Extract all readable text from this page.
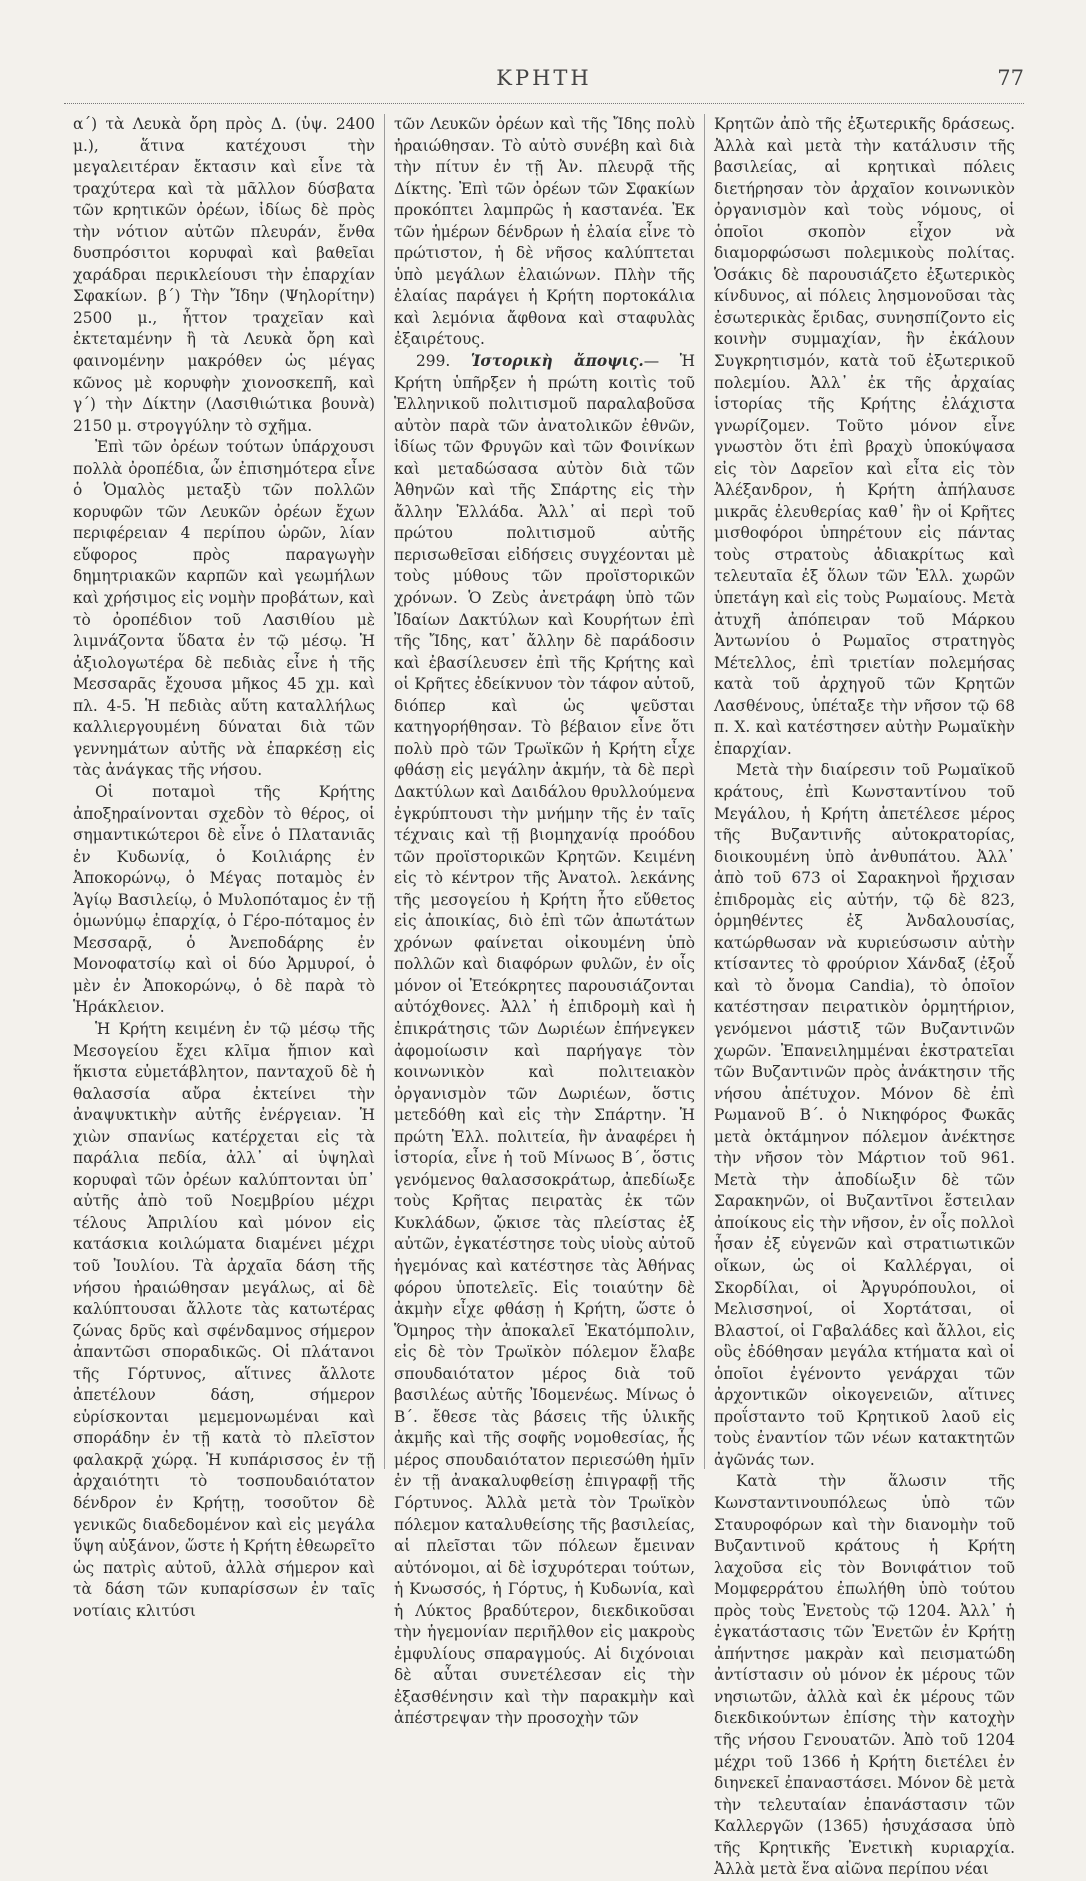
ΚΡΗΤΗ	77

α΄) τὰ Λευκὰ ὄρη πρὸς Δ. (ὑψ. 2400 μ.), ἅτινα κατέχουσι τὴν μεγαλειτέραν ἔκτασιν καὶ εἶνε τὰ τραχύτερα καὶ τὰ μᾶλλον δύσβατα τῶν κρητικῶν ὀρέων, ἰδίως δὲ πρὸς τὴν νότιον αὐτῶν πλευράν, ἔνθα δυσπρόσιτοι κορυφαὶ καὶ βαθεῖαι χαράδραι περικλείουσι τὴν ἐπαρχίαν Σφακίων. β΄) Τὴν Ἴδην (Ψηλορίτην) 2500 μ., ἧττον τραχεῖαν καὶ ἐκτεταμένην ἢ τὰ Λευκὰ ὄρη καὶ φαινομένην μακρόθεν ὡς μέγας κῶνος μὲ κορυφὴν χιονοσκεπῆ, καὶ γ΄) τὴν Δίκτην (Λασιθιώτικα βουνὰ) 2150 μ. στρογγύλην τὸ σχῆμα.

Ἐπὶ τῶν ὀρέων τούτων ὑπάρχουσι πολλὰ ὀροπέδια, ὧν ἐπισημότερα εἶνε ὁ Ὁμαλὸς μεταξὺ τῶν πολλῶν κορυφῶν τῶν Λευκῶν ὀρέων ἔχων περιφέρειαν 4 περίπου ὡρῶν, λίαν εὔφορος πρὸς παραγωγὴν δημητριακῶν καρπῶν καὶ γεωμήλων καὶ χρήσιμος εἰς νομὴν προβάτων, καὶ τὸ ὀροπέδιον τοῦ Λασιθίου μὲ λιμνάζοντα ὕδατα ἐν τῷ μέσῳ. Ἡ ἀξιολογωτέρα δὲ πεδιὰς εἶνε ἡ τῆς Μεσσαρᾶς ἔχουσα μῆκος 45 χμ. καὶ πλ. 4-5. Ἡ πεδιὰς αὕτη καταλλήλως καλλιεργουμένη δύναται διὰ τῶν γεννημάτων αὐτῆς νὰ ἐπαρκέσῃ εἰς τὰς ἀνάγκας τῆς νήσου.

Οἱ ποταμοὶ τῆς Κρήτης ἀποξηραίνονται σχεδὸν τὸ θέρος, οἱ σημαντικώτεροι δὲ εἶνε ὁ Πλατανιᾶς ἐν Κυδωνίᾳ, ὁ Κοιλιάρης ἐν Ἀποκορώνῳ, ὁ Μέγας ποταμὸς ἐν Ἁγίῳ Βασιλείῳ, ὁ Μυλοπόταμος ἐν τῇ ὁμωνύμῳ ἐπαρχίᾳ, ὁ Γέρο-πόταμος ἐν Μεσσαρᾷ, ὁ Ἀνεποδάρης ἐν Μονοφατσίῳ καὶ οἱ δύο Ἀρμυροί, ὁ μὲν ἐν Ἀποκορώνῳ, ὁ δὲ παρὰ τὸ Ἡράκλειον.

Ἡ Κρήτη κειμένη ἐν τῷ μέσῳ τῆς Μεσογείου ἔχει κλῖμα ἤπιον καὶ ἥκιστα εὐμετάβλητον, πανταχοῦ δὲ ἡ θαλασσία αὔρα ἐκτείνει τὴν ἀναψυκτικὴν αὐτῆς ἐνέργειαν. Ἡ χιὼν σπανίως κατέρχεται εἰς τὰ παράλια πεδία, ἀλλ᾽ αἱ ὑψηλαὶ κορυφαὶ τῶν ὀρέων καλύπτονται ὑπ᾽ αὐτῆς ἀπὸ τοῦ Νοεμβρίου μέχρι τέλους Ἀπριλίου καὶ μόνον εἰς κατάσκια κοιλώματα διαμένει μέχρι τοῦ Ἰουλίου. Τὰ ἀρχαῖα δάση τῆς νήσου ἠραιώθησαν μεγάλως, αἱ δὲ καλύπτουσαι ἄλλοτε τὰς κατωτέρας ζώνας δρῦς καὶ σφένδαμνος σήμερον ἀπαντῶσι σποραδικῶς. Οἱ πλάτανοι τῆς Γόρτυνος, αἵτινες ἄλλοτε ἀπετέλουν δάση, σήμερον εὑρίσκονται μεμεμονωμέναι καὶ σποράδην ἐν τῇ κατὰ τὸ πλεῖστον φαλακρᾷ χώρᾳ. Ἡ κυπάρισσος ἐν τῇ ἀρχαιότητι τὸ τοσπουδαιότατον δένδρον ἐν Κρήτῃ, τοσοῦτον δὲ γενικῶς διαδεδομένον καὶ εἰς μεγάλα ὕψη αὐξάνον, ὥστε ἡ Κρήτη ἐθεωρεῖτο ὡς πατρὶς αὐτοῦ, ἀλλὰ σήμερον καὶ τὰ δάση τῶν κυπαρίσσων ἐν ταῖς νοτίαις κλιτύσι

τῶν Λευκῶν ὀρέων καὶ τῆς Ἴδης πολὺ ἠραιώθησαν. Τὸ αὐτὸ συνέβη καὶ διὰ τὴν πίτυν ἐν τῇ Ἀν. πλευρᾷ τῆς Δίκτης. Ἐπὶ τῶν ὀρέων τῶν Σφακίων προκόπτει λαμπρῶς ἡ καστανέα. Ἐκ τῶν ἡμέρων δένδρων ἡ ἐλαία εἶνε τὸ πρώτιστον, ἡ δὲ νῆσος καλύπτεται ὑπὸ μεγάλων ἐλαιώνων. Πλὴν τῆς ἐλαίας παράγει ἡ Κρήτη πορτοκάλια καὶ λεμόνια ἄφθονα καὶ σταφυλὰς ἐξαιρέτους.

299. Ἱστορικὴ ἄποψις.— Ἡ Κρήτη ὑπῆρξεν ἡ πρώτη κοιτὶς τοῦ Ἑλληνικοῦ πολιτισμοῦ παραλαβοῦσα αὐτὸν παρὰ τῶν ἀνατολικῶν ἐθνῶν, ἰδίως τῶν Φρυγῶν καὶ τῶν Φοινίκων καὶ μεταδώσασα αὐτὸν διὰ τῶν Ἀθηνῶν καὶ τῆς Σπάρτης εἰς τὴν ἄλλην Ἑλλάδα. Ἀλλ᾽ αἱ περὶ τοῦ πρώτου πολιτισμοῦ αὐτῆς περισωθεῖσαι εἰδήσεις συγχέονται μὲ τοὺς μύθους τῶν προϊστορικῶν χρόνων. Ὁ Ζεὺς ἀνετράφη ὑπὸ τῶν Ἰδαίων Δακτύλων καὶ Κουρήτων ἐπὶ τῆς Ἴδης, κατ᾽ ἄλλην δὲ παράδοσιν καὶ ἐβασίλευσεν ἐπὶ τῆς Κρήτης καὶ οἱ Κρῆτες ἐδείκνυον τὸν τάφον αὐτοῦ, διόπερ καὶ ὡς ψεῦσται κατηγορήθησαν. Τὸ βέβαιον εἶνε ὅτι πολὺ πρὸ τῶν Τρωϊκῶν ἡ Κρήτη εἶχε φθάσῃ εἰς μεγάλην ἀκμήν, τὰ δὲ περὶ Δακτύλων καὶ Δαιδάλου θρυλλούμενα ἐγκρύπτουσι τὴν μνήμην τῆς ἐν ταῖς τέχναις καὶ τῇ βιομηχανίᾳ προόδου τῶν προϊστορικῶν Κρητῶν. Κειμένη εἰς τὸ κέντρον τῆς Ἀνατολ. λεκάνης τῆς μεσογείου ἡ Κρήτη ἦτο εὔθετος εἰς ἀποικίας, διὸ ἐπὶ τῶν ἀπωτάτων χρόνων φαίνεται οἰκουμένη ὑπὸ πολλῶν καὶ διαφόρων φυλῶν, ἐν οἷς μόνον οἱ Ἐτεόκρητες παρουσιάζονται αὐτόχθονες. Ἀλλ᾽ ἡ ἐπιδρομὴ καὶ ἡ ἐπικράτησις τῶν Δωριέων ἐπήνεγκεν ἀφομοίωσιν καὶ παρήγαγε τὸν κοινωνικὸν καὶ πολιτειακὸν ὀργανισμὸν τῶν Δωριέων, ὅστις μετεδόθη καὶ εἰς τὴν Σπάρτην. Ἡ πρώτη Ἑλλ. πολιτεία, ἣν ἀναφέρει ἡ ἱστορία, εἶνε ἡ τοῦ Μίνωος Β΄, ὅστις γενόμενος θαλασσοκράτωρ, ἀπεδίωξε τοὺς Κρῆτας πειρατὰς ἐκ τῶν Κυκλάδων, ᾤκισε τὰς πλείστας ἐξ αὐτῶν, ἐγκατέστησε τοὺς υἱοὺς αὐτοῦ ἡγεμόνας καὶ κατέστησε τὰς Ἀθήνας φόρου ὑποτελεῖς. Εἰς τοιαύτην δὲ ἀκμὴν εἶχε φθάσῃ ἡ Κρήτη, ὥστε ὁ Ὅμηρος τὴν ἀποκαλεῖ Ἑκατόμπολιν, εἰς δὲ τὸν Τρωϊκὸν πόλεμον ἔλαβε σπουδαιότατον μέρος διὰ τοῦ βασιλέως αὐτῆς Ἰδομενέως. Μίνως ὁ Β΄. ἔθεσε τὰς βάσεις τῆς ὑλικῆς ἀκμῆς καὶ τῆς σοφῆς νομοθεσίας, ἧς μέρος σπουδαιότατον περιεσώθη ἡμῖν ἐν τῇ ἀνακαλυφθείσῃ ἐπιγραφῇ τῆς Γόρτυνος. Ἀλλὰ μετὰ τὸν Τρωϊκὸν πόλεμον καταλυθείσης τῆς βασιλείας, αἱ πλεῖσται τῶν πόλεων ἔμειναν αὐτόνομοι, αἱ δὲ ἰσχυρότεραι τούτων, ἡ Κνωσσός, ἡ Γόρτυς, ἡ Κυδωνία, καὶ ἡ Λύκτος βραδύτερον, διεκδικοῦσαι τὴν ἡγεμονίαν περιῆλθον εἰς μακροὺς ἐμφυλίους σπαραγμούς. Αἱ διχόνοιαι δὲ αὗται συνετέλεσαν εἰς τὴν ἐξασθένησιν καὶ τὴν παρακμὴν καὶ ἀπέστρεψαν τὴν προσοχὴν τῶν

Κρητῶν ἀπὸ τῆς ἐξωτερικῆς δράσεως. Ἀλλὰ καὶ μετὰ τὴν κατάλυσιν τῆς βασιλείας, αἱ κρητικαὶ πόλεις διετήρησαν τὸν ἀρχαῖον κοινωνικὸν ὀργανισμὸν καὶ τοὺς νόμους, οἱ ὁποῖοι σκοπὸν εἶχον νὰ διαμορφώσωσι πολεμικοὺς πολίτας. Ὁσάκις δὲ παρουσιάζετο ἐξωτερικὸς κίνδυνος, αἱ πόλεις λησμονοῦσαι τὰς ἐσωτερικὰς ἔριδας, συνησπίζοντο εἰς κοινὴν συμμαχίαν, ἣν ἐκάλουν Συγκρητισμόν, κατὰ τοῦ ἐξωτερικοῦ πολεμίου. Ἀλλ᾽ ἐκ τῆς ἀρχαίας ἱστορίας τῆς Κρήτης ἐλάχιστα γνωρίζομεν. Τοῦτο μόνον εἶνε γνωστὸν ὅτι ἐπὶ βραχὺ ὑποκύψασα εἰς τὸν Δαρεῖον καὶ εἶτα εἰς τὸν Ἀλέξανδρον, ἡ Κρήτη ἀπήλαυσε μικρᾶς ἐλευθερίας καθ᾽ ἣν οἱ Κρῆτες μισθοφόροι ὑπηρέτουν εἰς πάντας τοὺς στρατοὺς ἀδιακρίτως καὶ τελευταῖα ἐξ ὅλων τῶν Ἑλλ. χωρῶν ὑπετάγη καὶ εἰς τοὺς Ρωμαίους. Μετὰ ἀτυχῆ ἀπόπειραν τοῦ Μάρκου Ἀντωνίου ὁ Ρωμαῖος στρατηγὸς Μέτελλος, ἐπὶ τριετίαν πολεμήσας κατὰ τοῦ ἀρχηγοῦ τῶν Κρητῶν Λασθένους, ὑπέταξε τὴν νῆσον τῷ 68 π. Χ. καὶ κατέστησεν αὐτὴν Ρωμαϊκὴν ἐπαρχίαν.

Μετὰ τὴν διαίρεσιν τοῦ Ρωμαϊκοῦ κράτους, ἐπὶ Κωνσταντίνου τοῦ Μεγάλου, ἡ Κρήτη ἀπετέλεσε μέρος τῆς Βυζαντινῆς αὐτοκρατορίας, διοικουμένη ὑπὸ ἀνθυπάτου. Ἀλλ᾽ ἀπὸ τοῦ 673 οἱ Σαρακηνοὶ ἤρχισαν ἐπιδρομὰς εἰς αὐτήν, τῷ δὲ 823, ὁρμηθέντες ἐξ Ἀνδαλουσίας, κατώρθωσαν νὰ κυριεύσωσιν αὐτὴν κτίσαντες τὸ φρούριον Χάνδαξ (ἐξοὗ καὶ τὸ ὄνομα Candia), τὸ ὁποῖον κατέστησαν πειρατικὸν ὁρμητήριον, γενόμενοι μάστιξ τῶν Βυζαντινῶν χωρῶν. Ἐπανειλημμέναι ἐκστρατεῖαι τῶν Βυζαντινῶν πρὸς ἀνάκτησιν τῆς νήσου ἀπέτυχον. Μόνον δὲ ἐπὶ Ρωμανοῦ Β΄. ὁ Νικηφόρος Φωκᾶς μετὰ ὀκτάμηνον πόλεμον ἀνέκτησε τὴν νῆσον τὸν Μάρτιον τοῦ 961. Μετὰ τὴν ἀποδίωξιν δὲ τῶν Σαρακηνῶν, οἱ Βυζαντῖνοι ἔστειλαν ἀποίκους εἰς τὴν νῆσον, ἐν οἷς πολλοὶ ἦσαν ἐξ εὐγενῶν καὶ στρατιωτικῶν οἴκων, ὡς οἱ Καλλέργαι, οἱ Σκορδίλαι, οἱ Ἀργυρόπουλοι, οἱ Μελισσηνοί, οἱ Χορτάτσαι, οἱ Βλαστοί, οἱ Γαβαλάδες καὶ ἄλλοι, εἰς οὓς ἐδόθησαν μεγάλα κτήματα καὶ οἱ ὁποῖοι ἐγένοντο γενάρχαι τῶν ἀρχοντικῶν οἰκογενειῶν, αἵτινες προΐσταντο τοῦ Κρητικοῦ λαοῦ εἰς τοὺς ἐναντίον τῶν νέων κατακτητῶν ἀγῶνάς των.

Κατὰ τὴν ἅλωσιν τῆς Κωνσταντινουπόλεως ὑπὸ τῶν Σταυροφόρων καὶ τὴν διανομὴν τοῦ Βυζαντινοῦ κράτους ἡ Κρήτη λαχοῦσα εἰς τὸν Βονιφάτιον τοῦ Μομφερράτου ἐπωλήθη ὑπὸ τούτου πρὸς τοὺς Ἐνετοὺς τῷ 1204. Ἀλλ᾽ ἡ ἐγκατάστασις τῶν Ἐνετῶν ἐν Κρήτῃ ἀπήντησε μακρὰν καὶ πεισματώδη ἀντίστασιν οὐ μόνον ἐκ μέρους τῶν νησιωτῶν, ἀλλὰ καὶ ἐκ μέρους τῶν διεκδικούντων ἐπίσης τὴν κατοχὴν τῆς νήσου Γενουατῶν. Ἀπὸ τοῦ 1204 μέχρι τοῦ 1366 ἡ Κρήτη διετέλει ἐν διηνεκεῖ ἐπαναστάσει. Μόνον δὲ μετὰ τὴν τελευταίαν ἐπανάστασιν τῶν Καλλεργῶν (1365) ἡσυχάσασα ὑπὸ τῆς Κρητικῆς Ἐνετικὴ κυριαρχία. Ἀλλὰ μετὰ ἕνα αἰῶνα περίπου νέαι
